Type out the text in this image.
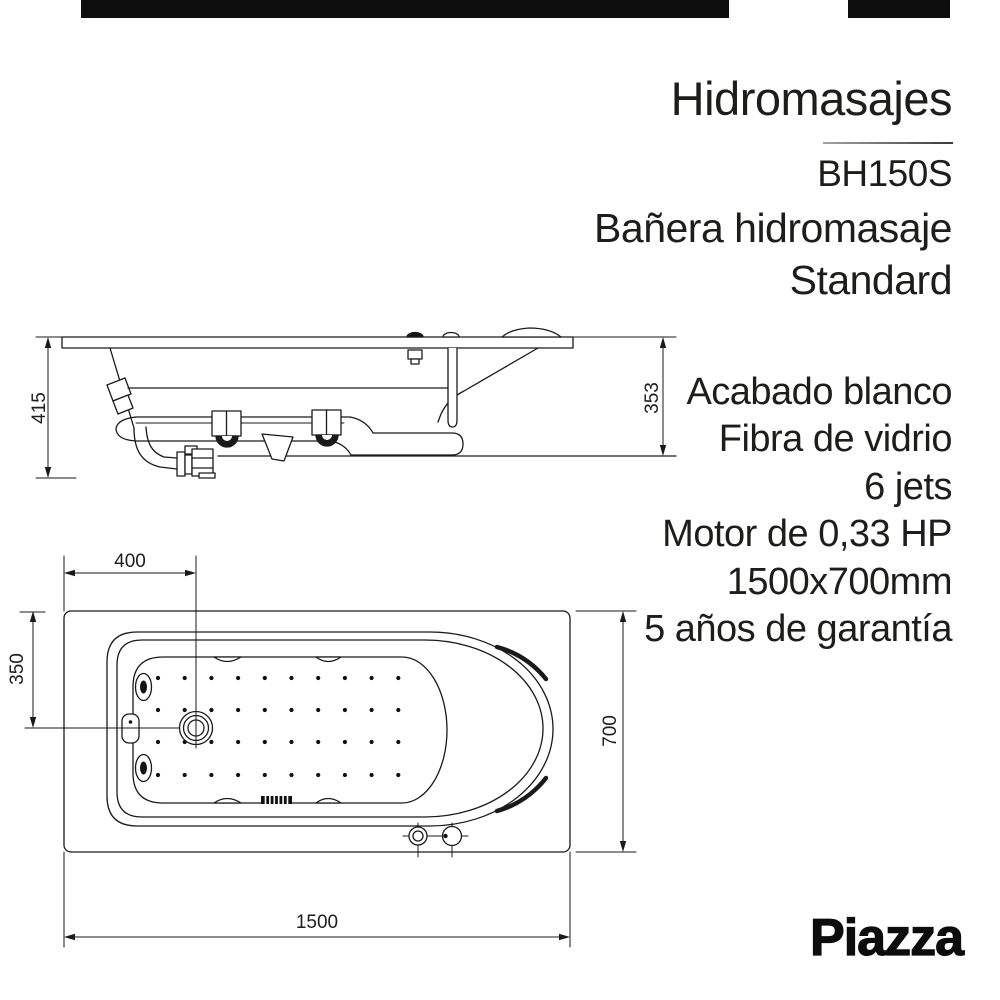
Hidromasajes
BH150S
Bañera hidromasaje
Standard
Acabado blanco
Fibra de vidrio
6 jets
Motor de 0,33 HP
1500x700mm
5 años de garantía
415	353
400
350
700
1500	Piazza
